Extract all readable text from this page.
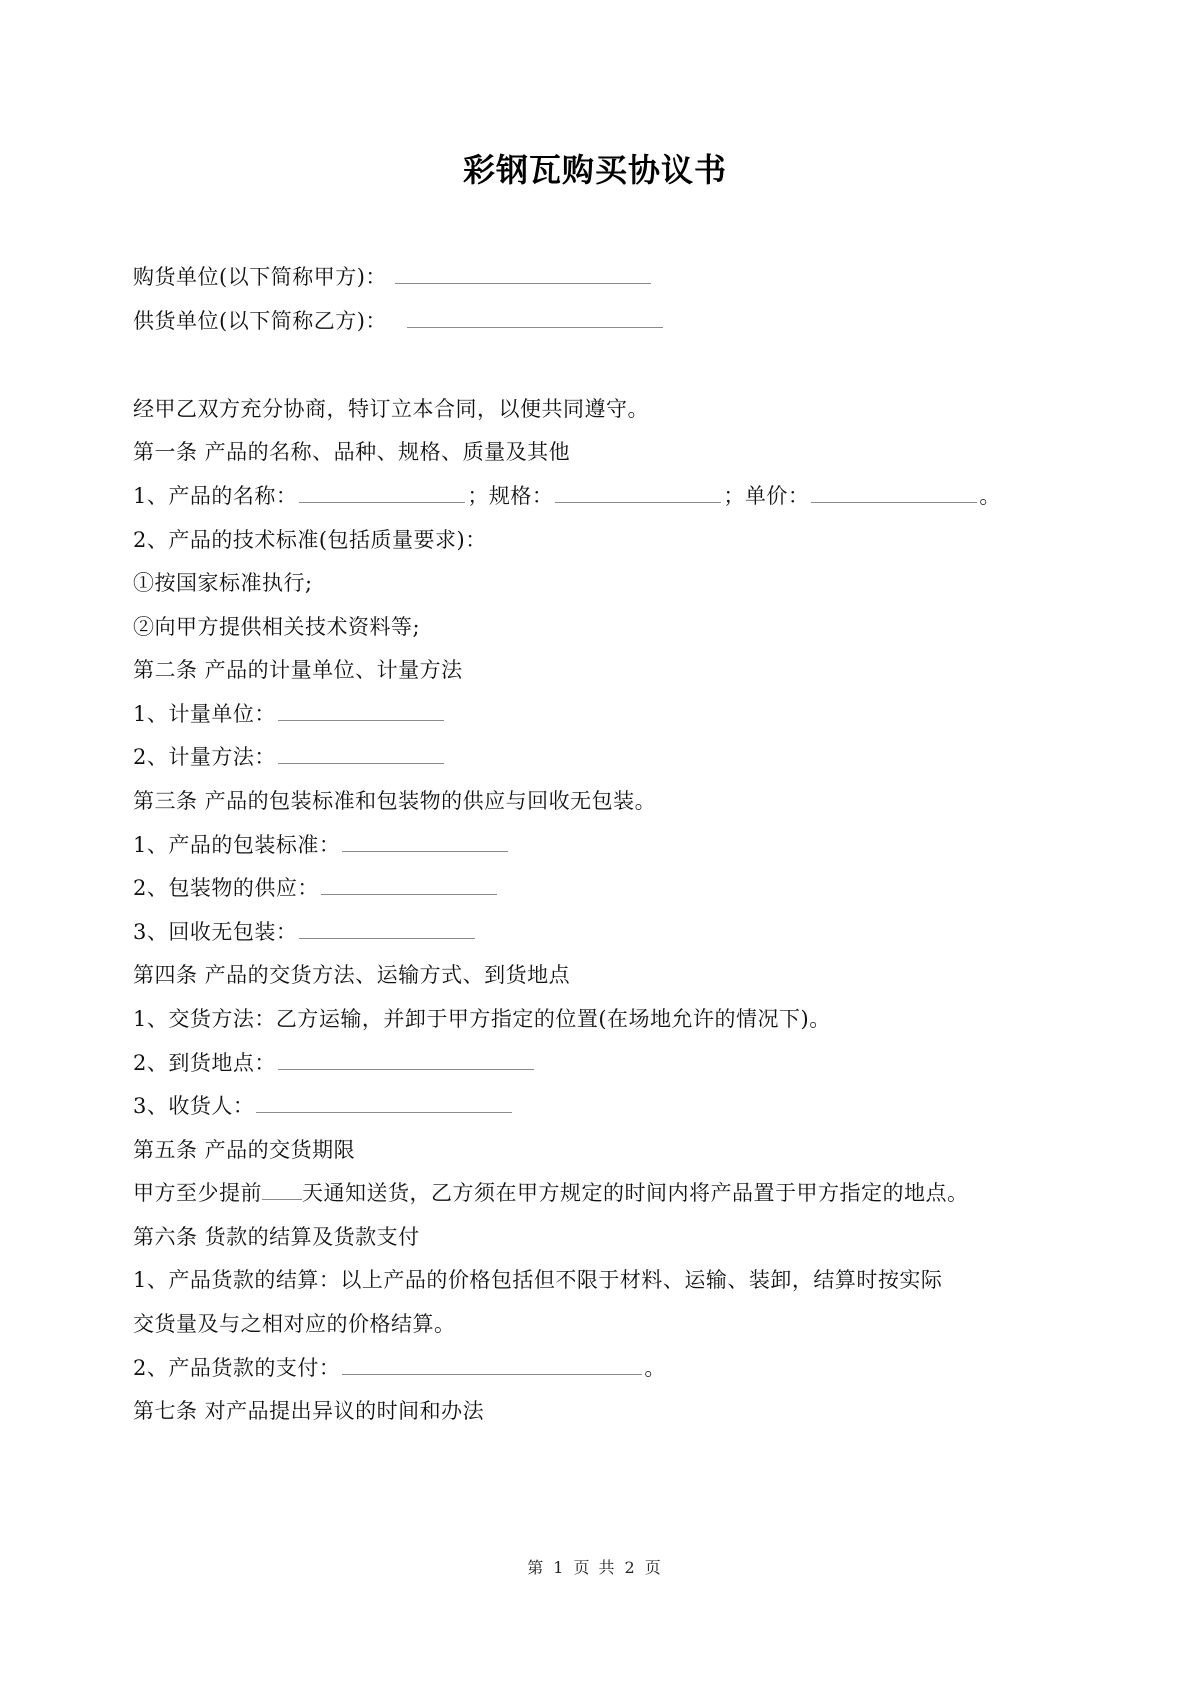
彩钢瓦购买协议书
购货单位(以下简称甲方)：
供货单位(以下简称乙方)：
经甲乙双方充分协商，特订立本合同，以便共同遵守。
第一条 产品的名称、品种、规格、质量及其他
1、产品的名称：	；规格：	；单价：	。
2、产品的技术标准(包括质量要求)：
①按国家标准执行;
②向甲方提供相关技术资料等;
第二条 产品的计量单位、计量方法
1、计量单位：
2、计量方法：
第三条 产品的包装标准和包装物的供应与回收无包装。
1、产品的包装标准：
2、包装物的供应：
3、回收无包装：
第四条 产品的交货方法、运输方式、到货地点
1、交货方法：乙方运输，并卸于甲方指定的位置(在场地允许的情况下)。
2、到货地点：
3、收货人：
第五条 产品的交货期限
甲方至少提前 天通知送货，乙方须在甲方规定的时间内将产品置于甲方指定的地点。
第六条 货款的结算及货款支付
1、产品货款的结算：以上产品的价格包括但不限于材料、运输、装卸，结算时按实际
交货量及与之相对应的价格结算。
2、产品货款的支付：	。
第七条 对产品提出异议的时间和办法
第 1 页 共 2 页
